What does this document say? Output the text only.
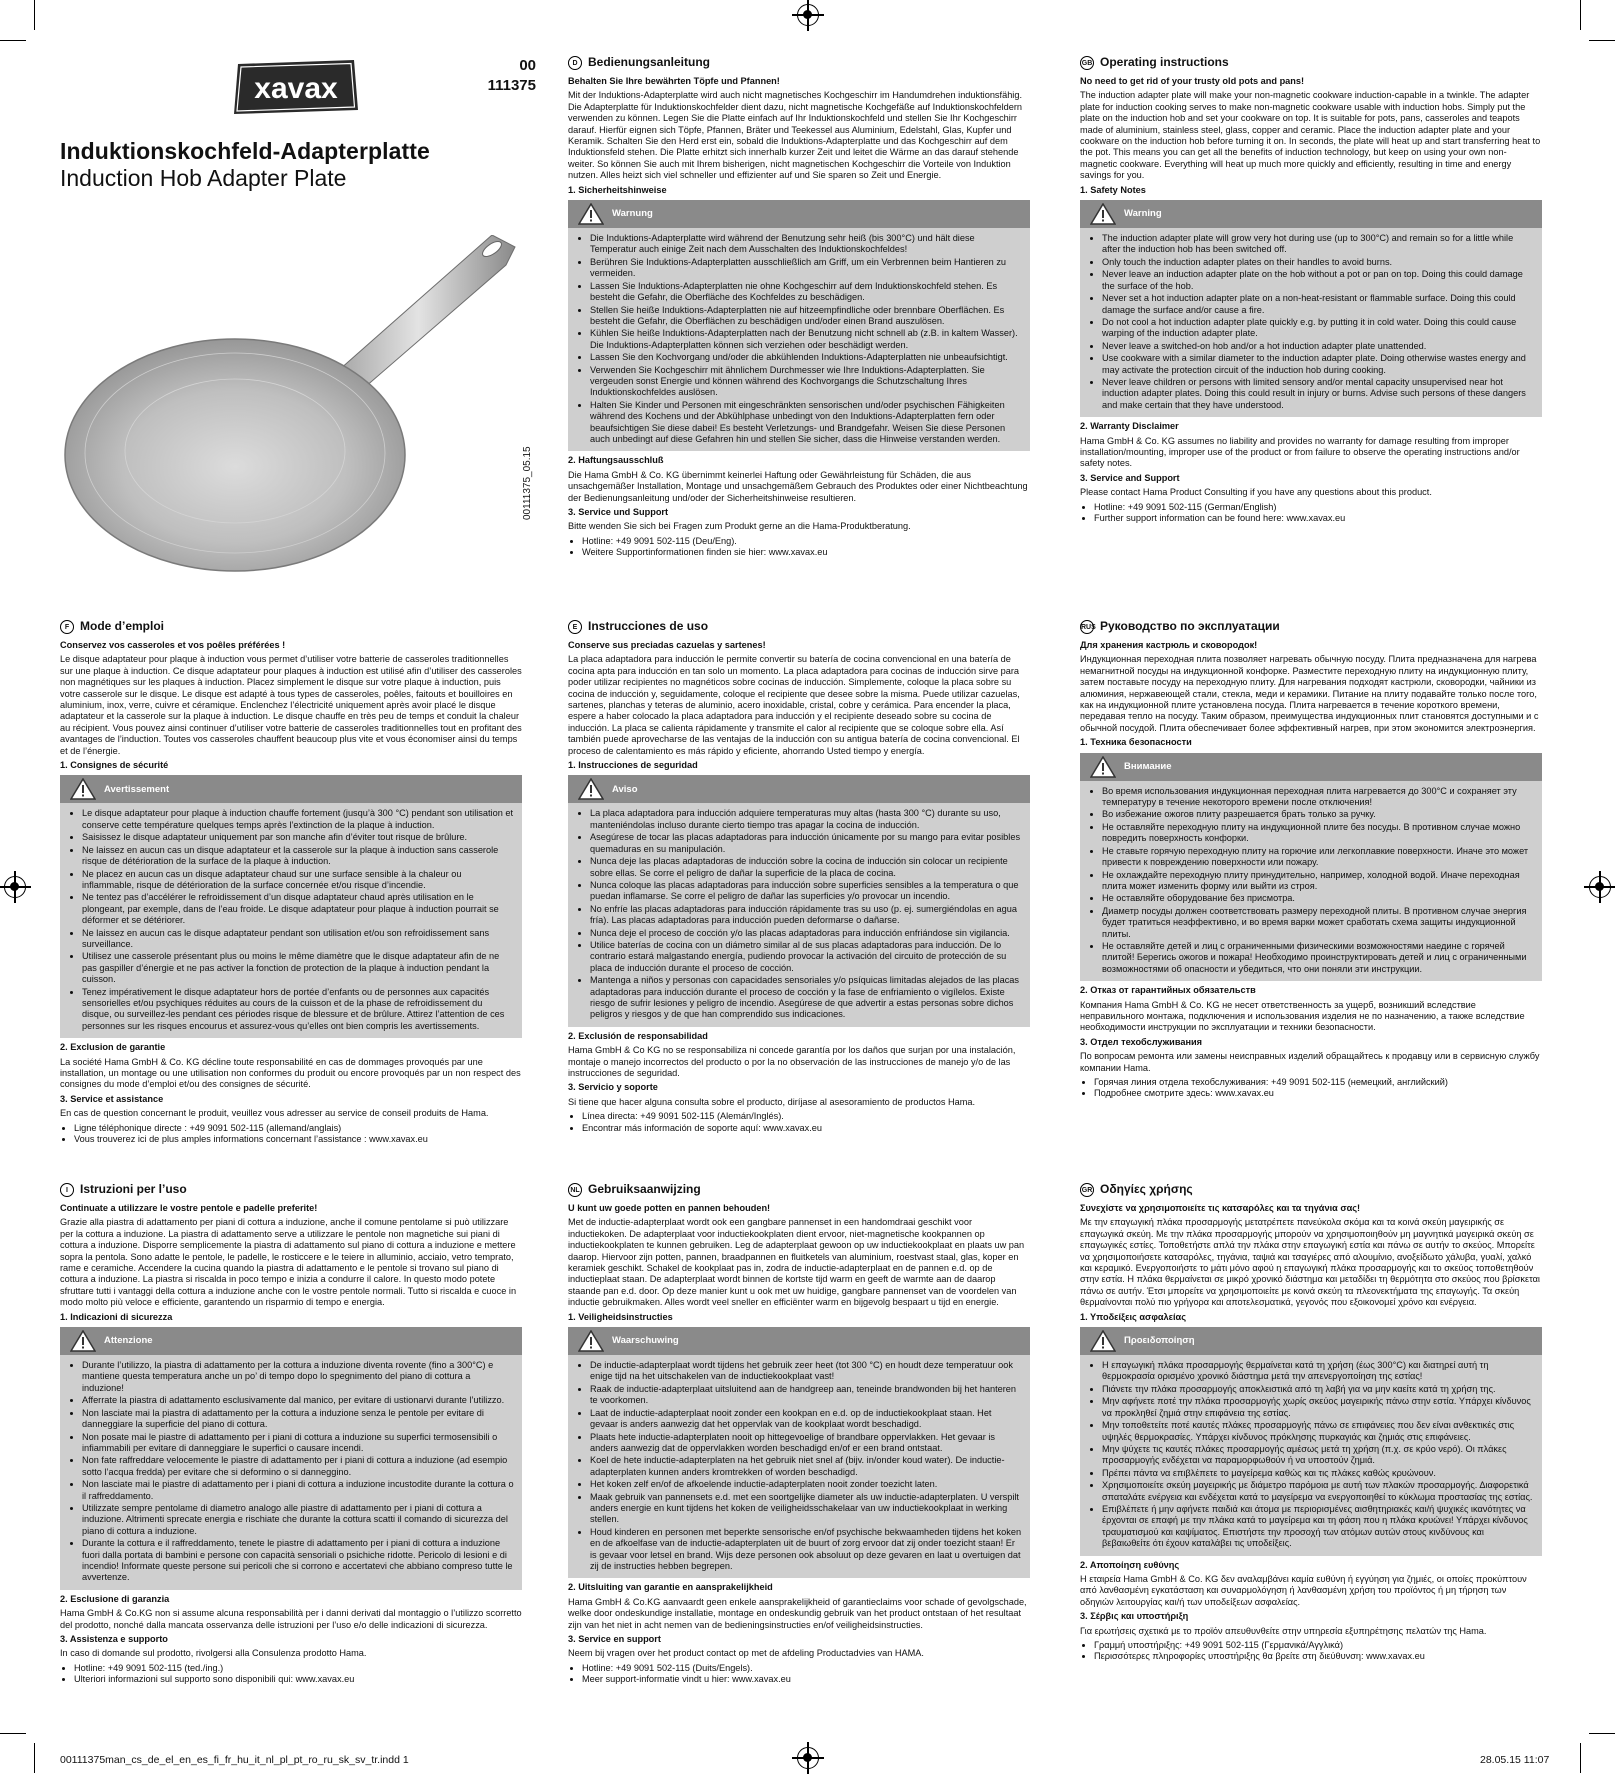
xavax
00
111375
Induktionskochfeld-Adapterplatte
Induction Hob Adapter Plate
00111375_05.15
D Bedienungsanleitung

Behalten Sie Ihre bewährten Töpfe und Pfannen!

Mit der Induktions-Adapterplatte wird auch nicht magnetisches Kochgeschirr im Handumdrehen induktionsfähig. Die Adapterplatte für Induktionskochfelder dient dazu, nicht magnetische Kochgefäße auf Induktionskochfeldern verwenden zu können. Legen Sie die Platte einfach auf Ihr Induktionskochfeld und stellen Sie Ihr Kochgeschirr darauf. Hierfür eignen sich Töpfe, Pfannen, Bräter und Teekessel aus Aluminium, Edelstahl, Glas, Kupfer und Keramik. Schalten Sie den Herd erst ein, sobald die Induktions-Adapterplatte und das Kochgeschirr auf dem Induktionsfeld stehen. Die Platte erhitzt sich innerhalb kurzer Zeit und leitet die Wärme an das darauf stehende weiter. So können Sie auch mit Ihrem bisherigen, nicht magnetischen Kochgeschirr die Vorteile von Induktion nutzen. Alles heizt sich viel schneller und effizienter auf und Sie sparen so Zeit und Energie.

1. Sicherheitshinweise

Warnung
• Die Induktions-Adapterplatte wird während der Benutzung sehr heiß (bis 300°C) und hält diese Temperatur auch einige Zeit nach dem Ausschalten des Induktionskochfeldes!
• Berühren Sie Induktions-Adapterplatten ausschließlich am Griff, um ein Verbrennen beim Hantieren zu vermeiden.
• Lassen Sie Induktions-Adapterplatten nie ohne Kochgeschirr auf dem Induktionskochfeld stehen. Es besteht die Gefahr, die Oberfläche des Kochfeldes zu beschädigen.
• Stellen Sie heiße Induktions-Adapterplatten nie auf hitzeempfindliche oder brennbare Oberflächen. Es besteht die Gefahr, die Oberflächen zu beschädigen und/oder einen Brand auszulösen.
• Kühlen Sie heiße Induktions-Adapterplatten nach der Benutzung nicht schnell ab (z.B. in kaltem Wasser). Die Induktions-Adapterplatten können sich verziehen oder beschädigt werden.
• Lassen Sie den Kochvorgang und/oder die abkühlenden Induktions-Adapterplatten nie unbeaufsichtigt.
• Verwenden Sie Kochgeschirr mit ähnlichem Durchmesser wie Ihre Induktions-Adapterplatten. Sie vergeuden sonst Energie und können während des Kochvorgangs die Schutzschaltung Ihres Induktionskochfeldes auslösen.
• Halten Sie Kinder und Personen mit eingeschränkten sensorischen und/oder psychischen Fähigkeiten während des Kochens und der Abkühlphase unbedingt von den Induktions-Adapterplatten fern oder beaufsichtigen Sie diese dabei! Es besteht Verletzungs- und Brandgefahr. Weisen Sie diese Personen auch unbedingt auf diese Gefahren hin und stellen Sie sicher, dass die Hinweise verstanden werden.

2. Haftungsausschluß

Die Hama GmbH & Co. KG übernimmt keinerlei Haftung oder Gewährleistung für Schäden, die aus unsachgemäßer Installation, Montage und unsachgemäßem Gebrauch des Produktes oder einer Nichtbeachtung der Bedienungsanleitung und/oder der Sicherheitshinweise resultieren.

3. Service und Support

Bitte wenden Sie sich bei Fragen zum Produkt gerne an die Hama-Produktberatung.

• Hotline: +49 9091 502-115 (Deu/Eng).
• Weitere Supportinformationen finden sie hier: www.xavax.eu
GB Operating instructions

No need to get rid of your trusty old pots and pans!

The induction adapter plate will make your non-magnetic cookware induction-capable in a twinkle. The adapter plate for induction cooking serves to make non-magnetic cookware usable with induction hobs. Simply put the plate on the induction hob and set your cookware on top. It is suitable for pots, pans, casseroles and teapots made of aluminium, stainless steel, glass, copper and ceramic. Place the induction adapter plate and your cookware on the induction hob before turning it on. In seconds, the plate will heat up and start transferring heat to the pot. This means you can get all the benefits of induction technology, but keep on using your own non-magnetic cookware. Everything will heat up much more quickly and efficiently, resulting in time and energy savings for you.

1. Safety Notes

Warning
• The induction adapter plate will grow very hot during use (up to 300°C) and remain so for a little while after the induction hob has been switched off.
• Only touch the induction adapter plates on their handles to avoid burns.
• Never leave an induction adapter plate on the hob without a pot or pan on top. Doing this could damage the surface of the hob.
• Never set a hot induction adapter plate on a non-heat-resistant or flammable surface. Doing this could damage the surface and/or cause a fire.
• Do not cool a hot induction adapter plate quickly e.g. by putting it in cold water. Doing this could cause warping of the induction adapter plate.
• Never leave a switched-on hob and/or a hot induction adapter plate unattended.
• Use cookware with a similar diameter to the induction adapter plate. Doing otherwise wastes energy and may activate the protection circuit of the induction hob during cooking.
• Never leave children or persons with limited sensory and/or mental capacity unsupervised near hot induction adapter plates. Doing this could result in injury or burns. Advise such persons of these dangers and make certain that they have understood.

2. Warranty Disclaimer

Hama GmbH & Co. KG assumes no liability and provides no warranty for damage resulting from improper installation/mounting, improper use of the product or from failure to observe the operating instructions and/or safety notes.

3. Service and Support

Please contact Hama Product Consulting if you have any questions about this product.

• Hotline: +49 9091 502-115 (German/English)
• Further support information can be found here: www.xavax.eu
F Mode d’emploi

Conservez vos casseroles et vos poêles préférées !

Le disque adaptateur pour plaque à induction vous permet d’utiliser votre batterie de casseroles traditionnelles sur une plaque à induction. Ce disque adaptateur pour plaques à induction est utilisé afin d’utiliser des casseroles non magnétiques sur les plaques à induction. Placez simplement le disque sur votre plaque à induction, puis votre casserole sur le disque. Le disque est adapté à tous types de casseroles, poêles, faitouts et bouilloires en aluminium, inox, verre, cuivre et céramique. Enclenchez l’électricité uniquement après avoir placé le disque adaptateur et la casserole sur la plaque à induction. Le disque chauffe en très peu de temps et conduit la chaleur au récipient. Vous pouvez ainsi continuer d’utiliser votre batterie de casseroles traditionnelles tout en profitant des avantages de l’induction. Toutes vos casseroles chauffent beaucoup plus vite et vous économiser ainsi du temps et de l’énergie.

1. Consignes de sécurité

Avertissement
• Le disque adaptateur pour plaque à induction chauffe fortement (jusqu’à 300 °C) pendant son utilisation et conserve cette température quelques temps après l’extinction de la plaque à induction.
• Saisissez le disque adaptateur uniquement par son manche afin d’éviter tout risque de brûlure.
• Ne laissez en aucun cas un disque adaptateur et la casserole sur la plaque à induction sans casserole risque de détérioration de la surface de la plaque à induction.
• Ne placez en aucun cas un disque adaptateur chaud sur une surface sensible à la chaleur ou inflammable, risque de détérioration de la surface concernée et/ou risque d’incendie.
• Ne tentez pas d’accélérer le refroidissement d’un disque adaptateur chaud après utilisation en le plongeant, par exemple, dans de l’eau froide. Le disque adaptateur pour plaque à induction pourrait se déformer et se détériorer.
• Ne laissez en aucun cas le disque adaptateur pendant son utilisation et/ou son refroidissement sans surveillance.
• Utilisez une casserole présentant plus ou moins le même diamètre que le disque adaptateur afin de ne pas gaspiller d’énergie et ne pas activer la fonction de protection de la plaque à induction pendant la cuisson.
• Tenez impérativement le disque adaptateur hors de portée d’enfants ou de personnes aux capacités sensorielles et/ou psychiques réduites au cours de la cuisson et de la phase de refroidissement du disque, ou surveillez-les pendant ces périodes risque de blessure et de brûlure. Attirez l’attention de ces personnes sur les risques encourus et assurez-vous qu’elles ont bien compris les avertissements.

2. Exclusion de garantie

La société Hama GmbH & Co. KG décline toute responsabilité en cas de dommages provoqués par une installation, un montage ou une utilisation non conformes du produit ou encore provoqués par un non respect des consignes du mode d’emploi et/ou des consignes de sécurité.

3. Service et assistance

En cas de question concernant le produit, veuillez vous adresser au service de conseil produits de Hama.

• Ligne téléphonique directe : +49 9091 502-115 (allemand/anglais)
• Vous trouverez ici de plus amples informations concernant l’assistance : www.xavax.eu
E Instrucciones de uso

Conserve sus preciadas cazuelas y sartenes!

La placa adaptadora para inducción le permite convertir su batería de cocina convencional en una batería de cocina apta para inducción en tan solo un momento. La placa adaptadora para cocinas de inducción sirve para poder utilizar recipientes no magnéticos sobre cocinas de inducción. Simplemente, coloque la placa sobre su cocina de inducción y, seguidamente, coloque el recipiente que desee sobre la misma. Puede utilizar cazuelas, sartenes, planchas y teteras de aluminio, acero inoxidable, cristal, cobre y cerámica. Para encender la placa, espere a haber colocado la placa adaptadora para inducción y el recipiente deseado sobre su cocina de inducción. La placa se calienta rápidamente y transmite el calor al recipiente que se coloque sobre ella. Así también puede aprovecharse de las ventajas de la inducción con su antigua batería de cocina convencional. El proceso de calentamiento es más rápido y eficiente, ahorrando Usted tiempo y energía.

1. Instrucciones de seguridad

Aviso
• La placa adaptadora para inducción adquiere temperaturas muy altas (hasta 300 °C) durante su uso, manteniéndolas incluso durante cierto tiempo tras apagar la cocina de inducción.
• Asegúrese de tocar las placas adaptadoras para inducción únicamente por su mango para evitar posibles quemaduras en su manipulación.
• Nunca deje las placas adaptadoras de inducción sobre la cocina de inducción sin colocar un recipiente sobre ellas. Se corre el peligro de dañar la superficie de la placa de cocina.
• Nunca coloque las placas adaptadoras para inducción sobre superficies sensibles a la temperatura o que puedan inflamarse. Se corre el peligro de dañar las superficies y/o provocar un incendio.
• No enfríe las placas adaptadoras para inducción rápidamente tras su uso (p. ej. sumergiéndolas en agua fría). Las placas adaptadoras para inducción pueden deformarse o dañarse.
• Nunca deje el proceso de cocción y/o las placas adaptadoras para inducción enfriándose sin vigilancia.
• Utilice baterías de cocina con un diámetro similar al de sus placas adaptadoras para inducción. De lo contrario estará malgastando energía, pudiendo provocar la activación del circuito de protección de su placa de inducción durante el proceso de cocción.
• Mantenga a niños y personas con capacidades sensoriales y/o psíquicas limitadas alejados de las placas adaptadoras para inducción durante el proceso de cocción y la fase de enfriamiento o vigílelos. Existe riesgo de sufrir lesiones y peligro de incendio. Asegúrese de que advertir a estas personas sobre dichos peligros y riesgos y de que han comprendido sus indicaciones.

2. Exclusión de responsabilidad

Hama GmbH & Co KG no se responsabiliza ni concede garantía por los daños que surjan por una instalación, montaje o manejo incorrectos del producto o por la no observación de las instrucciones de manejo y/o de las instrucciones de seguridad.

3. Servicio y soporte

Si tiene que hacer alguna consulta sobre el producto, diríjase al asesoramiento de productos Hama.

• Línea directa: +49 9091 502-115 (Alemán/Inglés).
• Encontrar más información de soporte aquí: www.xavax.eu
RUS Руководство по эксплуатации

Для хранения кастрюль и сковородок!

Индукционная переходная плита позволяет нагревать обычную посуду. Плита предназначена для нагрева немагнитной посуды на индукционной конфорке. Разместите переходную плиту на индукционную плиту, затем поставьте посуду на переходную плиту. Для нагревания подходят кастрюли, сковородки, чайники из алюминия, нержавеющей стали, стекла, меди и керамики. Питание на плиту подавайте только после того, как на индукционной плите установлена посуда. Плита нагревается в течение короткого времени, передавая тепло на посуду. Таким образом, преимущества индукционных плит становятся доступными и с обычной посудой. Плита обеспечивает более эффективный нагрев, при этом экономится электроэнергия.

1. Техника безопасности

Внимание
• Во время использования индукционная переходная плита нагревается до 300°C и сохраняет эту температуру в течение некоторого времени после отключения!
• Во избежание ожогов плиту разрешается брать только за ручку.
• Не оставляйте переходную плиту на индукционной плите без посуды. В противном случае можно повредить поверхность конфорки.
• Не ставьте горячую переходную плиту на горючие или легкоплавкие поверхности. Иначе это может привести к повреждению поверхности или пожару.
• Не охлаждайте переходную плиту принудительно, например, холодной водой. Иначе переходная плита может изменить форму или выйти из строя.
• Не оставляйте оборудование без присмотра.
• Диаметр посуды должен соответствовать размеру переходной плиты. В противном случае энергия будет тратиться неэффективно, и во время варки может сработать схема защиты индукционной плиты.
• Не оставляйте детей и лиц с ограниченными физическими возможностями наедине с горячей плитой! Берегись ожогов и пожара! Необходимо проинструктировать детей и лиц с ограниченными возможностями об опасности и убедиться, что они поняли эти инструкции.

2. Отказ от гарантийных обязательств

Компания Hama GmbH & Co. KG не несет ответственность за ущерб, возникший вследствие неправильного монтажа, подключения и использования изделия не по назначению, а также вследствие необходимости инструкции по эксплуатации и техники безопасности.

3. Отдел техобслуживания

По вопросам ремонта или замены неисправных изделий обращайтесь к продавцу или в сервисную службу компании Hama.

• Горячая линия отдела техобслуживания: +49 9091 502-115 (немецкий, английский)
• Подробнее смотрите здесь: www.xavax.eu
I	Istruzioni per l’uso

Continuate a utilizzare le vostre pentole e padelle preferite!

Grazie alla piastra di adattamento per piani di cottura a induzione, anche il comune pentolame si può utilizzare per la cottura a induzione. La piastra di adattamento serve a utilizzare le pentole non magnetiche sui piani di cottura a induzione. Disporre semplicemente la piastra di adattamento sul piano di cottura a induzione e mettere sopra la pentola. Sono adatte le pentole, le padelle, le rosticcere e le teiere in alluminio, acciaio, vetro temprato, rame e ceramiche. Accendere la cucina quando la piastra di adattamento e le pentole si trovano sul piano di cottura a induzione. La piastra si riscalda in poco tempo e inizia a condurre il calore. In questo modo potete sfruttare tutti i vantaggi della cottura a induzione anche con le vostre pentole normali. Tutto si riscalda e cuoce in modo molto più veloce e efficiente, garantendo un risparmio di tempo e energia.

1. Indicazioni di sicurezza

Attenzione
• Durante l’utilizzo, la piastra di adattamento per la cottura a induzione diventa rovente (fino a 300°C) e mantiene questa temperatura anche un po’ di tempo dopo lo spegnimento del piano di cottura a induzione!
• Afferrate la piastra di adattamento esclusivamente dal manico, per evitare di ustionarvi durante l’utilizzo.
• Non lasciate mai la piastra di adattamento per la cottura a induzione senza le pentole per evitare di danneggiare la superficie del piano di cottura.
• Non posate mai le piastre di adattamento per i piani di cottura a induzione su superfici termosensibili o infiammabili per evitare di danneggiare le superfici o causare incendi.
• Non fate raffreddare velocemente le piastre di adattamento per i piani di cottura a induzione (ad esempio sotto l’acqua fredda) per evitare che si deformino o si danneggino.
• Non lasciate mai le piastre di adattamento per i piani di cottura a induzione incustodite durante la cottura o il raffreddamento.
• Utilizzate sempre pentolame di diametro analogo alle piastre di adattamento per i piani di cottura a induzione. Altrimenti sprecate energia e rischiate che durante la cottura scatti il comando di sicurezza del piano di cottura a induzione.
• Durante la cottura e il raffreddamento, tenete le piastre di adattamento per i piani di cottura a induzione fuori dalla portata di bambini e persone con capacità sensoriali o psichiche ridotte. Pericolo di lesioni e di incendio! Informate queste persone sui pericoli che si corrono e accertatevi che abbiano compreso tutte le avvertenze.

2. Esclusione di garanzia

Hama GmbH & Co.KG non si assume alcuna responsabilità per i danni derivati dal montaggio o l’utilizzo scorretto del prodotto, nonché dalla mancata osservanza delle istruzioni per l’uso e/o delle indicazioni di sicurezza.

3. Assistenza e supporto

In caso di domande sul prodotto, rivolgersi alla Consulenza prodotto Hama.

• Hotline: +49 9091 502-115 (ted./ing.)
• Ulteriori informazioni sul supporto sono disponibili qui: www.xavax.eu
NL Gebruiksaanwijzing

U kunt uw goede potten en pannen behouden!

Met de inductie-adapterplaat wordt ook een gangbare pannenset in een handomdraai geschikt voor inductiekoken. De adapterplaat voor inductiekookplaten dient ervoor, niet-magnetische kookpannen op inductiekookplaten te kunnen gebruiken. Leg de adapterplaat gewoon op uw inductiekookplaat en plaats uw pan daarop. Hiervoor zijn potten, pannen, braadpannen en fluitketels van aluminium, roestvast staal, glas, koper en keramiek geschikt. Schakel de kookplaat pas in, zodra de inductie-adapterplaat en de pannen e.d. op de inductieplaat staan. De adapterplaat wordt binnen de kortste tijd warm en geeft de warmte aan de daarop staande pan e.d. door. Op deze manier kunt u ook met uw huidige, gangbare pannenset van de voordelen van inductie gebruikmaken. Alles wordt veel sneller en efficiënter warm en bijgevolg bespaart u tijd en energie.

1. Veiligheidsinstructies

Waarschuwing
• De inductie-adapterplaat wordt tijdens het gebruik zeer heet (tot 300 °C) en houdt deze temperatuur ook enige tijd na het uitschakelen van de inductiekookplaat vast!
• Raak de inductie-adapterplaat uitsluitend aan de handgreep aan, teneinde brandwonden bij het hanteren te voorkomen.
• Laat de inductie-adapterplaat nooit zonder een kookpan en e.d. op de inductiekookplaat staan. Het gevaar is anders aanwezig dat het oppervlak van de kookplaat wordt beschadigd.
• Plaats hete inductie-adapterplaten nooit op hittegevoelige of brandbare oppervlakken. Het gevaar is anders aanwezig dat de oppervlakken worden beschadigd en/of er een brand ontstaat.
• Koel de hete inductie-adapterplaten na het gebruik niet snel af (bijv. in/onder koud water). De inductie-adapterplaten kunnen anders kromtrekken of worden beschadigd.
• Het koken zelf en/of de afkoelende inductie-adapterplaten nooit zonder toezicht laten.
• Maak gebruik van pannensets e.d. met een soortgelijke diameter als uw inductie-adapterplaten. U verspilt anders energie en kunt tijdens het koken de veiligheidsschakelaar van uw inductiekookplaat in werking stellen.
• Houd kinderen en personen met beperkte sensorische en/of psychische bekwaamheden tijdens het koken en de afkoelfase van de inductie-adapterplaten uit de buurt of zorg ervoor dat zij onder toezicht staan! Er is gevaar voor letsel en brand. Wijs deze personen ook absoluut op deze gevaren en laat u overtuigen dat zij de instructies hebben begrepen.

2. Uitsluiting van garantie en aansprakelijkheid

Hama GmbH & Co.KG aanvaardt geen enkele aansprakelijkheid of garantieclaims voor schade of gevolgschade, welke door ondeskundige installatie, montage en ondeskundig gebruik van het product ontstaan of het resultaat zijn van het niet in acht nemen van de bedieningsinstructies en/of veiligheidsinstructies.

3. Service en support

Neem bij vragen over het product contact op met de afdeling Productadvies van HAMA.

• Hotline: +49 9091 502-115 (Duits/Engels).
• Meer support-informatie vindt u hier: www.xavax.eu
GR Οδηγίες χρήσης

Συνεχίστε να χρησιμοποιείτε τις κατσαρόλες και τα τηγάνια σας!

Με την επαγωγική πλάκα προσαρμογής μετατρέπετε πανεύκολα σκόμα και τα κοινά σκεύη μαγειρικής σε επαγωγικά σκεύη. Με την πλάκα προσαρμογής μπορούν να χρησιμοποιηθούν μη μαγνητικά μαγειρικά σκεύη σε επαγωγικές εστίες. Τοποθετήστε απλά την πλάκα στην επαγωγική εστία και πάνω σε αυτήν το σκεύος. Μπορείτε να χρησιμοποιήσετε κατσαρόλες, τηγάνια, ταψιά και τσαγιέρες από αλουμίνιο, ανοξείδωτο χάλυβα, γυαλί, χαλκό και κεραμικό. Ενεργοποιήστε το μάτι μόνο αφού η επαγωγική πλάκα προσαρμογής και το σκεύος τοποθετηθούν στην εστία. Η πλάκα θερμαίνεται σε μικρό χρονικό διάστημα και μεταδίδει τη θερμότητα στο σκεύος που βρίσκεται πάνω σε αυτήν. Έτσι μπορείτε να χρησιμοποιείτε με κοινά σκεύη τα πλεονεκτήματα της επαγωγής. Τα σκεύη θερμαίνονται πολύ πιο γρήγορα και αποτελεσματικά, γεγονός που εξοικονομεί χρόνο και ενέργεια.

1. Υποδείξεις ασφαλείας

Προειδοποίηση
• Η επαγωγική πλάκα προσαρμογής θερμαίνεται κατά τη χρήση (έως 300°C) και διατηρεί αυτή τη θερμοκρασία ορισμένο χρονικό διάστημα μετά την απενεργοποίηση της εστίας!
• Πιάνετε την πλάκα προσαρμογής αποκλειστικά από τη λαβή για να μην καείτε κατά τη χρήση της.
• Μην αφήνετε ποτέ την πλάκα προσαρμογής χωρίς σκεύος μαγειρικής πάνω στην εστία. Υπάρχει κίνδυνος να προκληθεί ζημιά στην επιφάνεια της εστίας.
• Μην τοποθετείτε ποτέ καυτές πλάκες προσαρμογής πάνω σε επιφάνειες που δεν είναι ανθεκτικές στις υψηλές θερμοκρασίες. Υπάρχει κίνδυνος πρόκλησης πυρκαγιάς και ζημιάς στις επιφάνειες.
• Μην ψύχετε τις καυτές πλάκες προσαρμογής αμέσως μετά τη χρήση (π.χ. σε κρύο νερό). Οι πλάκες προσαρμογής ενδέχεται να παραμορφωθούν ή να υποστούν ζημιά.
• Πρέπει πάντα να επιβλέπετε το μαγείρεμα καθώς και τις πλάκες καθώς κρυώνουν.
• Χρησιμοποιείτε σκεύη μαγειρικής με διάμετρο παρόμοια με αυτή των πλακών προσαρμογής. Διαφορετικά σπαταλάτε ενέργεια και ενδέχεται κατά το μαγείρεμα να ενεργοποιηθεί το κύκλωμα προστασίας της εστίας.
• Επιβλέπετε ή μην αφήνετε παιδιά και άτομα με περιορισμένες αισθητηριακές και/ή ψυχικές ικανότητες να έρχονται σε επαφή με την πλάκα κατά το μαγείρεμα και τη φάση που η πλάκα κρυώνει! Υπάρχει κίνδυνος τραυματισμού και καψίματος. Επιστήστε την προσοχή των ατόμων αυτών στους κινδύνους και βεβαιωθείτε ότι έχουν καταλάβει τις υποδείξεις.

2. Αποποίηση ευθύνης

Η εταιρεία Hama GmbH & Co. KG δεν αναλαμβάνει καμία ευθύνη ή εγγύηση για ζημιές, οι οποίες προκύπτουν από λανθασμένη εγκατάσταση και συναρμολόγηση ή λανθασμένη χρήση του προϊόντος ή μη τήρηση των οδηγιών λειτουργίας και/ή των υποδείξεων ασφαλείας.

3. Σέρβις και υποστήριξη

Για ερωτήσεις σχετικά με το προϊόν απευθυνθείτε στην υπηρεσία εξυπηρέτησης πελατών της Hama.

• Γραμμή υποστήριξης: +49 9091 502-115 (Γερμανικά/Αγγλικά)
• Περισσότερες πληροφορίες υποστήριξης θα βρείτε στη διεύθυνση: www.xavax.eu
00111375man_cs_de_el_en_es_fi_fr_hu_it_nl_pl_pt_ro_ru_sk_sv_tr.indd 1	28.05.15 11:07
